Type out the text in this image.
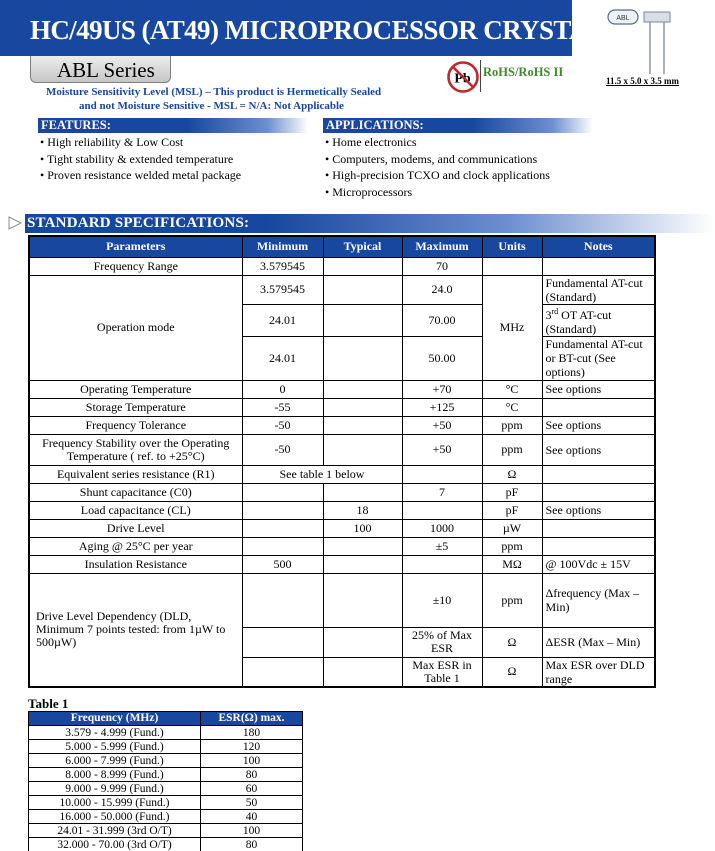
HC/49US (AT49) MICROPROCESSOR CRYSTAL
ABL Series
ABL
11.5 x 5.0 x 3.5 mm
Pb RoHS/RoHS II
Moisture Sensitivity Level (MSL) – This product is Hermetically Sealed
and not Moisture Sensitive - MSL = N/A: Not Applicable
FEATURES:
• High reliability & Low Cost
• Tight stability & extended temperature
• Proven resistance welded metal package
APPLICATIONS:
• Home electronics
• Computers, modems, and communications
• High-precision TCXO and clock applications
• Microprocessors
STANDARD SPECIFICATIONS:
Parameters	Minimum	Typical	Maximum	Units	Notes
Frequency Range	3.579545		70		
Operation mode	3.579545		24.0	MHz	Fundamental AT-cut (Standard)
	24.01		70.00		3rd OT AT-cut (Standard)
	24.01		50.00		Fundamental AT-cut or BT-cut (See options)
Operating Temperature	0		+70	°C	See options
Storage Temperature	-55		+125	°C	
Frequency Tolerance	-50		+50	ppm	See options
Frequency Stability over the Operating Temperature ( ref. to +25°C)	-50		+50	ppm	See options
Equivalent series resistance (R1)	See table 1 below			Ω	
Shunt capacitance (C0)			7	pF	
Load capacitance (CL)		18		pF	See options
Drive Level		100	1000	µW	
Aging @ 25°C per year			±5	ppm	
Insulation Resistance	500			MΩ	@ 100Vdc ± 15V
Drive Level Dependency (DLD, Minimum 7 points tested: from 1µW to 500µW)			±10	ppm	Δfrequency (Max – Min)
			25% of Max ESR	Ω	ΔESR (Max – Min)
			Max ESR in Table 1	Ω	Max ESR over DLD range
Table 1
Frequency (MHz)	ESR(Ω) max.
3.579 - 4.999 (Fund.)	180
5.000 - 5.999 (Fund.)	120
6.000 - 7.999 (Fund.)	100
8.000 - 8.999 (Fund.)	80
9.000 - 9.999 (Fund.)	60
10.000 - 15.999 (Fund.)	50
16.000 - 50.000 (Fund.)	40
24.01 - 31.999 (3rd O/T)	100
32.000 - 70.00 (3rd O/T)	80
